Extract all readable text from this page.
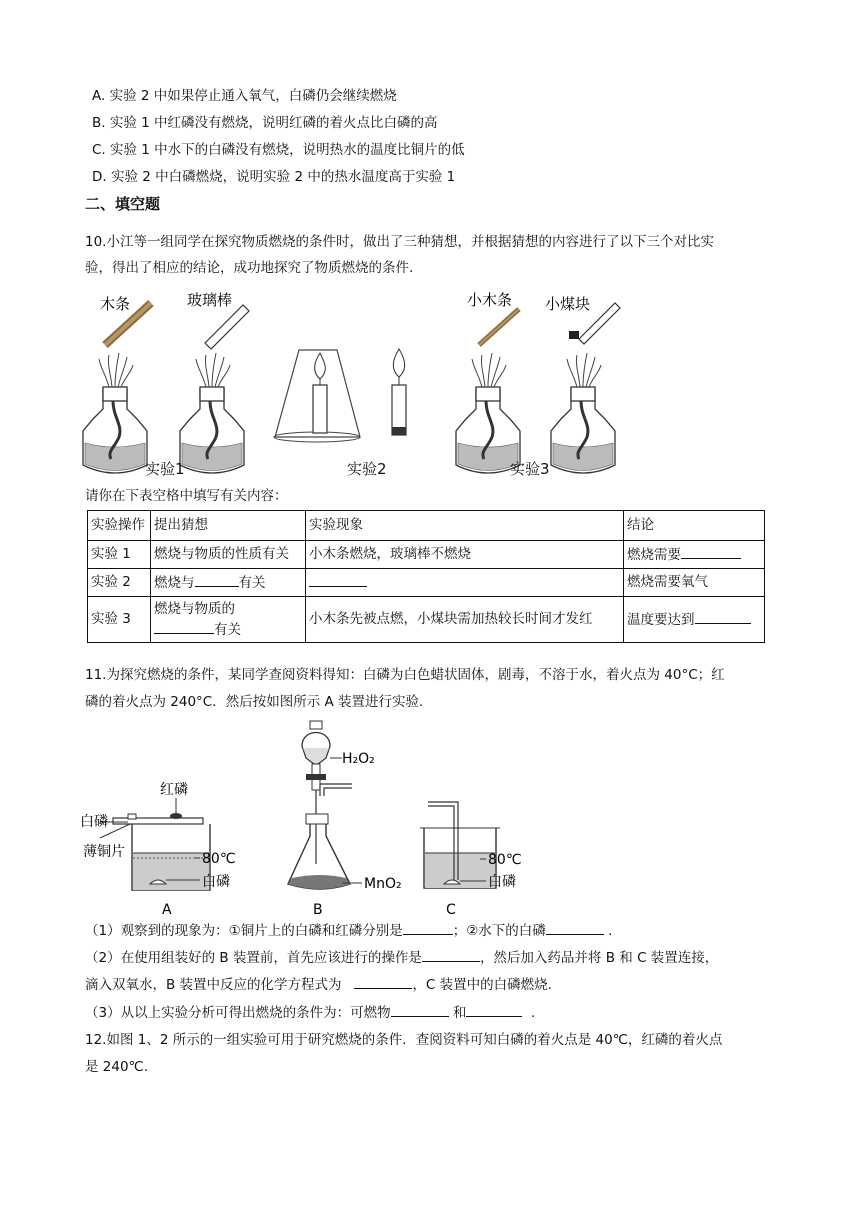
A. 实验 2 中如果停止通入氧气，白磷仍会继续燃烧
B. 实验 1 中红磷没有燃烧，说明红磷的着火点比白磷的高
C. 实验 1 中水下的白磷没有燃烧，说明热水的温度比铜片的低
D. 实验 2 中白磷燃烧，说明实验 2 中的热水温度高于实验 1
二、填空题
10.小江等一组同学在探究物质燃烧的条件时，做出了三种猜想，并根据猜想的内容进行了以下三个对比实
验，得出了相应的结论，成功地探究了物质燃烧的条件.
木条	玻璃棒	小木条 小煤块
实验1	实验2	实验3
请你在下表空格中填写有关内容：
实验操作	提出猜想	实验现象	结论
实验 1	燃烧与物质的性质有关	小木条燃烧，玻璃棒不燃烧	燃烧需要
实验 2	燃烧与 有关		燃烧需要氧气
实验 3	燃烧与物质的
有关	小木条先被点燃，小煤块需加热较长时间才发红	温度要达到
11.为探究燃烧的条件，某同学查阅资料得知：白磷为白色蜡状固体，剧毒，不溶于水，着火点为 40°C；红
磷的着火点为 240°C．然后按如图所示 A 装置进行实验.
红磷
白磷
薄铜片	80℃
白磷
H₂O₂
MnO₂
80℃
白磷
A	B	C
（1）观察到的现象为：①铜片上的白磷和红磷分别是	；②水下的白磷	.
（2）在使用组装好的 B 装置前，首先应该进行的操作是	，然后加入药品并将 B 和 C 装置连接，
滴入双氧水，B 装置中反应的化学方程式为	，C 装置中的白磷燃烧.
（3）从以上实验分析可得出燃烧的条件为：可燃物	和	.
12.如图 1、2 所示的一组实验可用于研究燃烧的条件．查阅资料可知白磷的着火点是 40℃，红磷的着火点
是 240℃.
